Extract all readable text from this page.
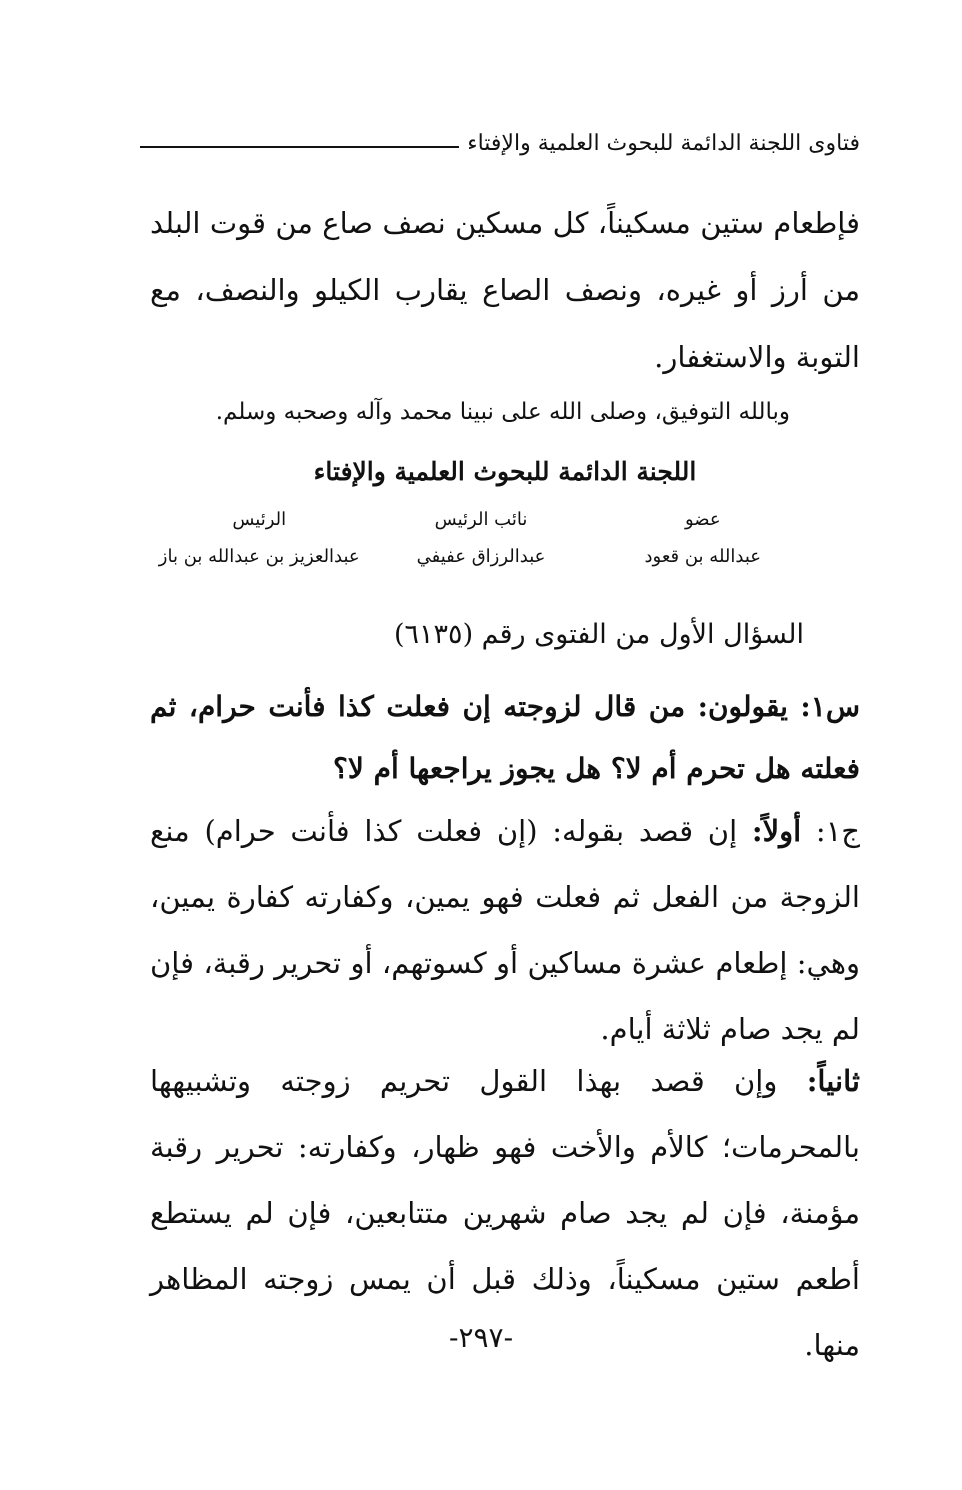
فتاوى اللجنة الدائمة للبحوث العلمية والإفتاء
فإطعام ستين مسكيناً، كل مسكين نصف صاع من قوت البلد من أرز أو غيره، ونصف الصاع يقارب الكيلو والنصف، مع التوبة والاستغفار.
وبالله التوفيق، وصلى الله على نبينا محمد وآله وصحبه وسلم.
اللجنة الدائمة للبحوث العلمية والإفتاء
عضو
نائب الرئيس
الرئيس
عبدالله بن قعود
عبدالرزاق عفيفي
عبدالعزيز بن عبدالله بن باز
السؤال الأول من الفتوى رقم (٦١٣٥)
س١: يقولون: من قال لزوجته إن فعلت كذا فأنت حرام، ثم فعلته هل تحرم أم لا؟ هل يجوز يراجعها أم لا؟
ج١: أولاً: إن قصد بقوله: (إن فعلت كذا فأنت حرام) منع الزوجة من الفعل ثم فعلت فهو يمين، وكفارته كفارة يمين، وهي: إطعام عشرة مساكين أو كسوتهم، أو تحرير رقبة، فإن لم يجد صام ثلاثة أيام.
ثانياً: وإن قصد بهذا القول تحريم زوجته وتشبيهها بالمحرمات؛ كالأم والأخت فهو ظهار، وكفارته: تحرير رقبة مؤمنة، فإن لم يجد صام شهرين متتابعين، فإن لم يستطع أطعم ستين مسكيناً، وذلك قبل أن يمس زوجته المظاهر منها.
-٢٩٧-
